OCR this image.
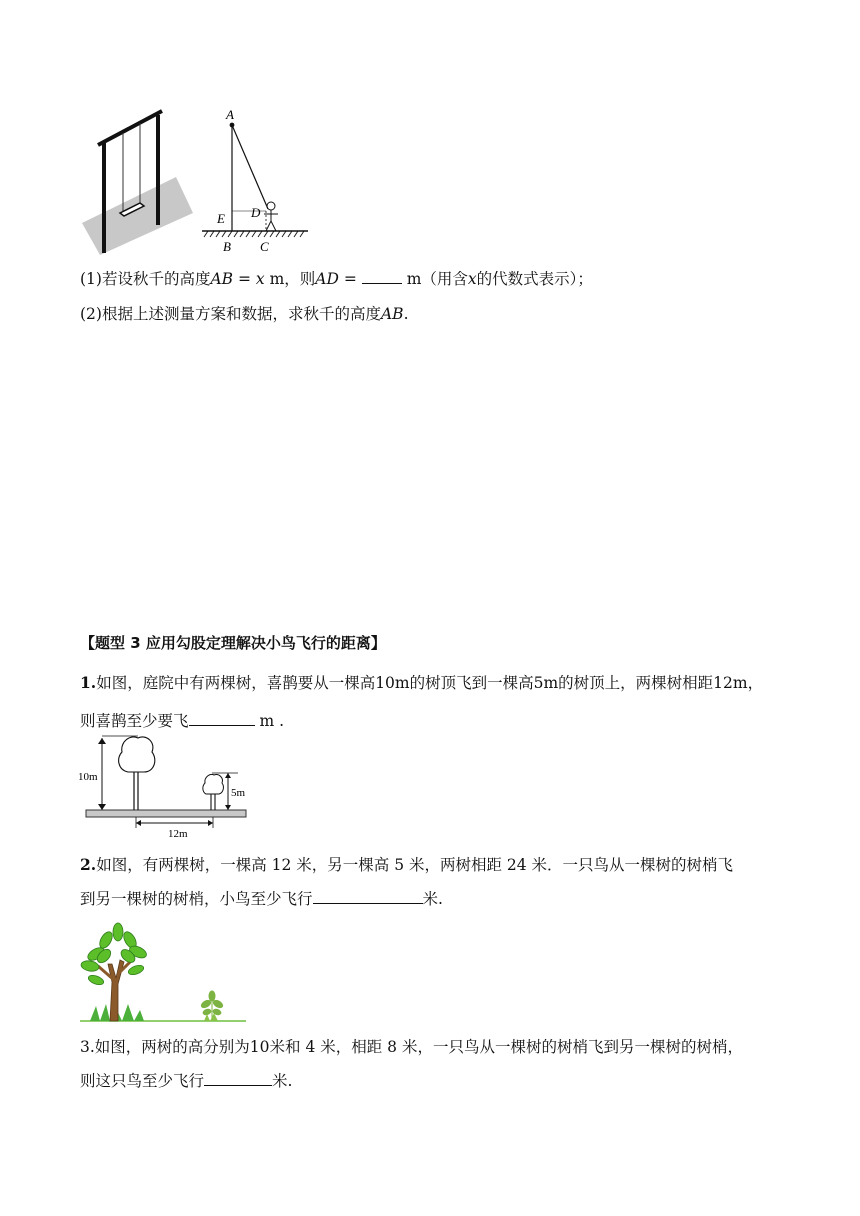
A
E D
B C
(1)若设秋千的高度AB = x m，则AD =	m（用含x的代数式表示）；
(2)根据上述测量方案和数据，求秋千的高度AB.
【题型 3 应用勾股定理解决小鸟飞行的距离】
1.如图，庭院中有两棵树，喜鹊要从一棵高10m的树顶飞到一棵高5m的树顶上，两棵树相距12m，
则喜鹊至少要飞	m .
10m
5m
12m
2.如图，有两棵树，一棵高 12 米，另一棵高 5 米，两树相距 24 米．一只鸟从一棵树的树梢飞
到另一棵树的树梢，小鸟至少飞行	米.
3.如图，两树的高分别为10米和 4 米，相距 8 米，一只鸟从一棵树的树梢飞到另一棵树的树梢，
则这只鸟至少飞行	米.
